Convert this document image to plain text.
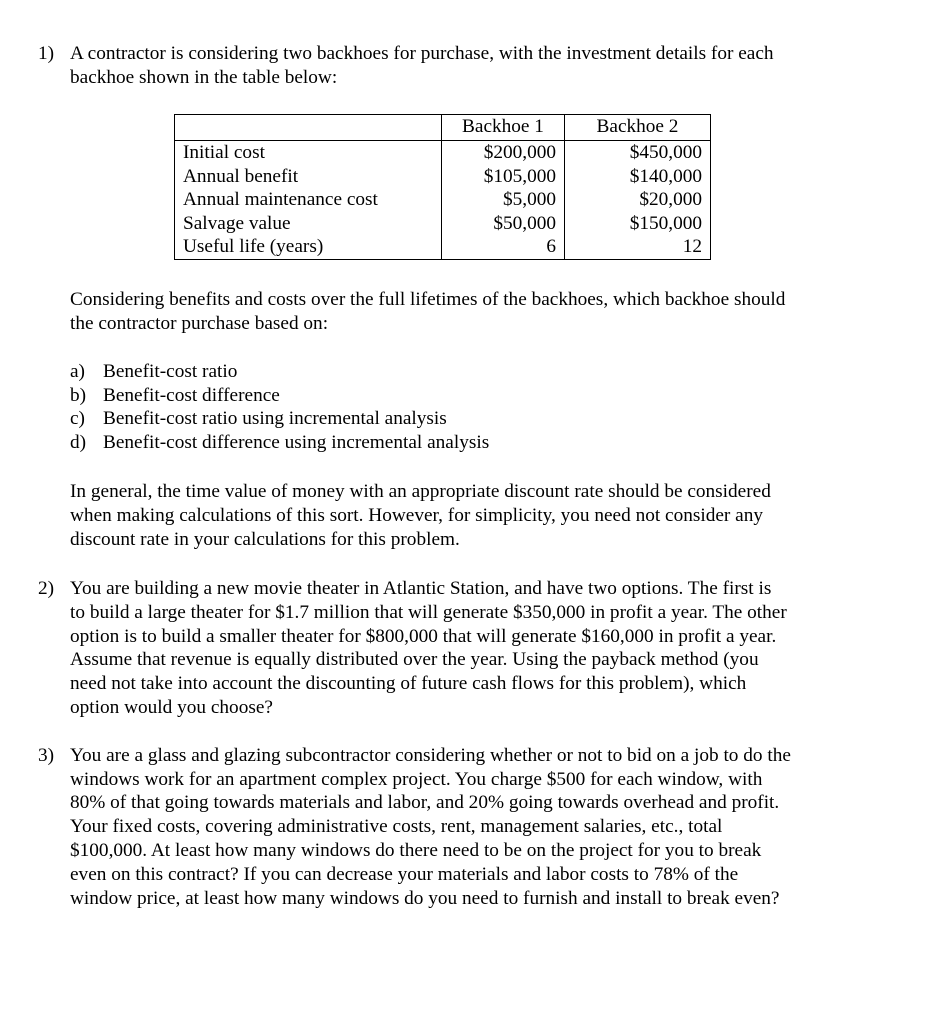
1) A contractor is considering two backhoes for purchase, with the investment details for each
backhoe shown in the table below:
	Backhoe 1	Backhoe 2
Initial cost	$200,000	$450,000
Annual benefit	$105,000	$140,000
Annual maintenance cost	$5,000	$20,000
Salvage value	$50,000	$150,000
Useful life (years)	6	12
Considering benefits and costs over the full lifetimes of the backhoes, which backhoe should
the contractor purchase based on:
a) Benefit-cost ratio
b) Benefit-cost difference
c) Benefit-cost ratio using incremental analysis
d) Benefit-cost difference using incremental analysis
In general, the time value of money with an appropriate discount rate should be considered
when making calculations of this sort. However, for simplicity, you need not consider any
discount rate in your calculations for this problem.
2) You are building a new movie theater in Atlantic Station, and have two options. The first is
to build a large theater for $1.7 million that will generate $350,000 in profit a year. The other
option is to build a smaller theater for $800,000 that will generate $160,000 in profit a year.
Assume that revenue is equally distributed over the year. Using the payback method (you
need not take into account the discounting of future cash flows for this problem), which
option would you choose?
3) You are a glass and glazing subcontractor considering whether or not to bid on a job to do the
windows work for an apartment complex project. You charge $500 for each window, with
80% of that going towards materials and labor, and 20% going towards overhead and profit.
Your fixed costs, covering administrative costs, rent, management salaries, etc., total
$100,000. At least how many windows do there need to be on the project for you to break
even on this contract? If you can decrease your materials and labor costs to 78% of the
window price, at least how many windows do you need to furnish and install to break even?
